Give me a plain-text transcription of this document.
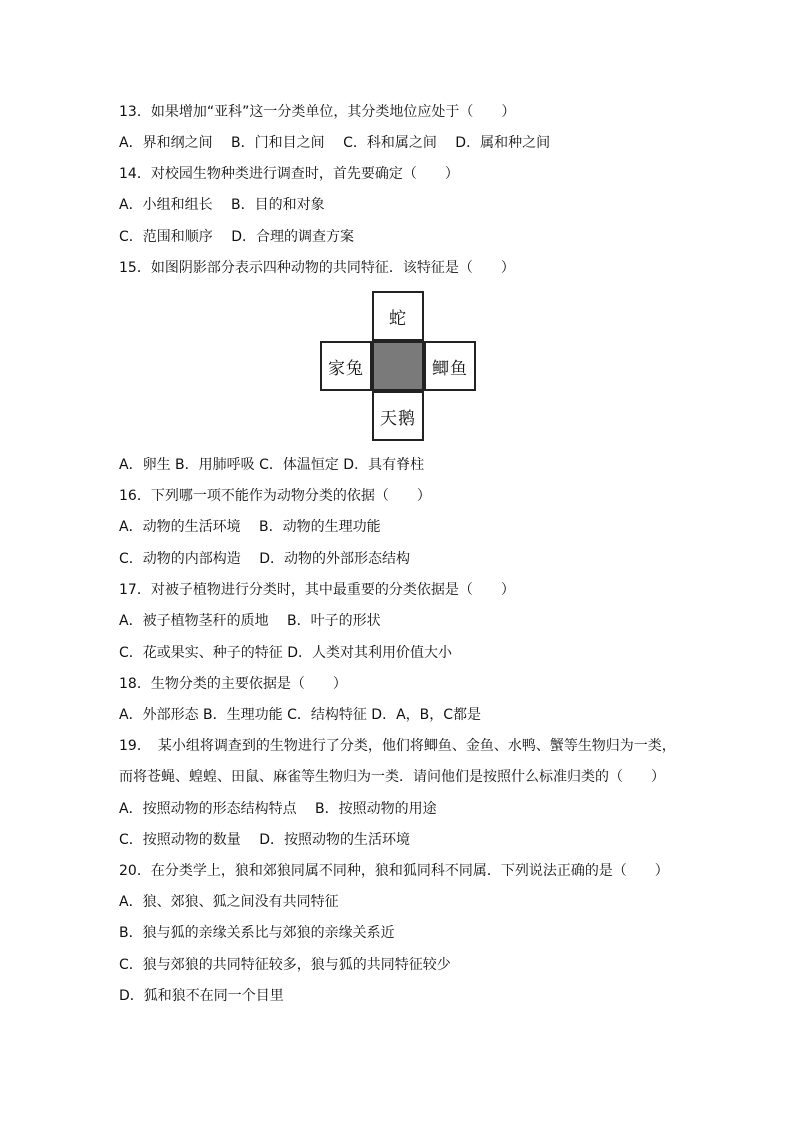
13．如果增加“亚科”这一分类单位，其分类地位应处于（　　）
A．界和纲之间　 B．门和目之间　 C．科和属之间　 D．属和种之间
14．对校园生物种类进行调查时，首先要确定（　　）
A．小组和组长　 B．目的和对象
C．范围和顺序　 D．合理的调查方案
15．如图阴影部分表示四种动物的共同特征．该特征是（　　）
蛇
家兔	鲫鱼
天鹅
A．卵生 B．用肺呼吸 C．体温恒定 D．具有脊柱
16．下列哪一项不能作为动物分类的依据（　　）
A．动物的生活环境　 B．动物的生理功能
C．动物的内部构造　 D．动物的外部形态结构
17．对被子植物进行分类时，其中最重要的分类依据是（　　）
A．被子植物茎秆的质地　 B．叶子的形状
C．花或果实、种子的特征 D．人类对其利用价值大小
18．生物分类的主要依据是（　　）
A．外部形态 B．生理功能 C．结构特征 D．A，B，C都是
19．　某小组将调查到的生物进行了分类，他们将鲫鱼、金鱼、水鸭、蟹等生物归为一类，
而将苍蝇、蝗蝗、田鼠、麻雀等生物归为一类．请问他们是按照什么标准归类的（　　）
A．按照动物的形态结构特点　 B．按照动物的用途
C．按照动物的数量　 D．按照动物的生活环境
20．在分类学上，狼和郊狼同属不同种，狼和狐同科不同属．下列说法正确的是（　　）
A．狼、郊狼、狐之间没有共同特征
B．狼与狐的亲缘关系比与郊狼的亲缘关系近
C．狼与郊狼的共同特征较多，狼与狐的共同特征较少
D．狐和狼不在同一个目里
